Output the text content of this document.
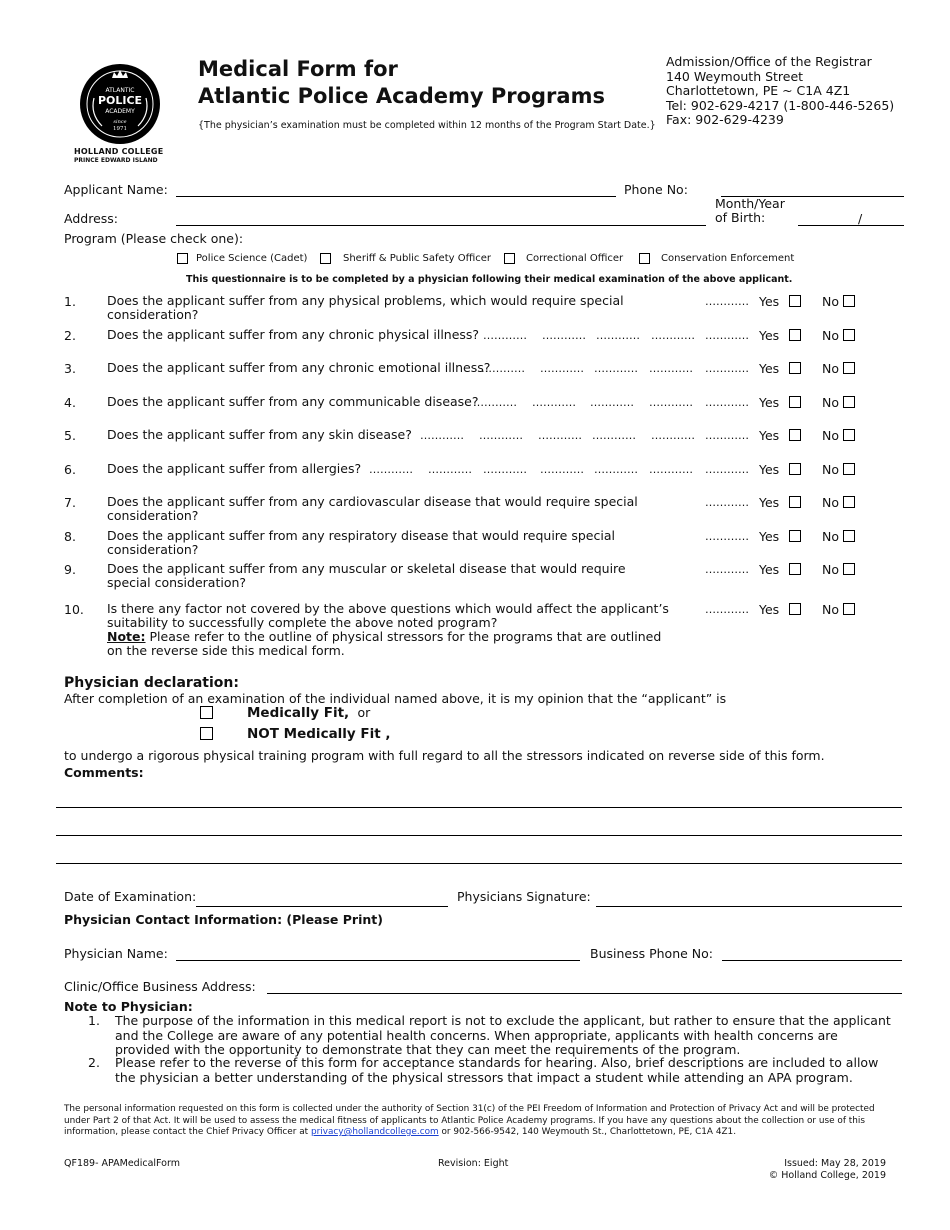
ATLANTIC
POLICE
ACADEMY
since
1971
HOLLAND COLLEGE
PRINCE EDWARD ISLAND
Medical Form for
Atlantic Police Academy Programs
{The physician’s examination must be completed within 12 months of the Program Start Date.}
Admission/Office of the Registrar
140 Weymouth Street
Charlottetown, PE ~ C1A 4Z1
Tel: 902-629-4217 (1-800-446-5265)
Fax: 902-629-4239
Applicant Name:	Phone No:
Address:
Month/Year
of Birth:	/
Program (Please check one):
Police Science (Cadet)	Sheriff & Public Safety Officer	Correctional Officer	Conservation Enforcement
This questionnaire is to be completed by a physician following their medical examination of the above applicant.
1. Does the applicant suffer from any physical problems, which would require special consideration?
………… Yes	No
2. Does the applicant suffer from any chronic physical illness? ………… ………… ………… ………… ………… Yes	No
3. Does the applicant suffer from any chronic emotional illness?
………… ………… ………… ………… ………… Yes	No
4. Does the applicant suffer from any communicable disease?
………… ………… ………… ………… ………… Yes	No
5. Does the applicant suffer from any skin disease? ………… ………… ………… ………… ………… ………… Yes	No
6. Does the applicant suffer from allergies? ………… ………… ………… ………… ………… ………… ………… Yes	No
7. Does the applicant suffer from any cardiovascular disease that would require special consideration?
………… Yes	No
8. Does the applicant suffer from any respiratory disease that would require special consideration?
………… Yes	No
9. Does the applicant suffer from any muscular or skeletal disease that would require special consideration?
………… Yes	No
10. Is there any factor not covered by the above questions which would affect the applicant’s suitability to successfully complete the above noted program?
Note: Please refer to the outline of physical stressors for the programs that are outlined on the reverse side this medical form.
………… Yes	No
Physician declaration:
After completion of an examination of the individual named above, it is my opinion that the “applicant” is
Medically Fit, or
NOT Medically Fit ,
to undergo a rigorous physical training program with full regard to all the stressors indicated on reverse side of this form.
Comments:
Date of Examination:	Physicians Signature:
Physician Contact Information: (Please Print)
Physician Name:	Business Phone No:
Clinic/Office Business Address:
Note to Physician:
1. The purpose of the information in this medical report is not to exclude the applicant, but rather to ensure that the applicant and the College are aware of any potential health concerns. When appropriate, applicants with health concerns are provided with the opportunity to demonstrate that they can meet the requirements of the program.
2. Please refer to the reverse of this form for acceptance standards for hearing. Also, brief descriptions are included to allow the physician a better understanding of the physical stressors that impact a student while attending an APA program.
The personal information requested on this form is collected under the authority of Section 31(c) of the PEI Freedom of Information and Protection of Privacy Act and will be protected under Part 2 of that Act. It will be used to assess the medical fitness of applicants to Atlantic Police Academy programs. If you have any questions about the collection or use of this information, please contact the Chief Privacy Officer at privacy@hollandcollege.com or 902-566-9542, 140 Weymouth St., Charlottetown, PE, C1A 4Z1.
QF189- APAMedicalForm	Revision: Eight	Issued: May 28, 2019
© Holland College, 2019
